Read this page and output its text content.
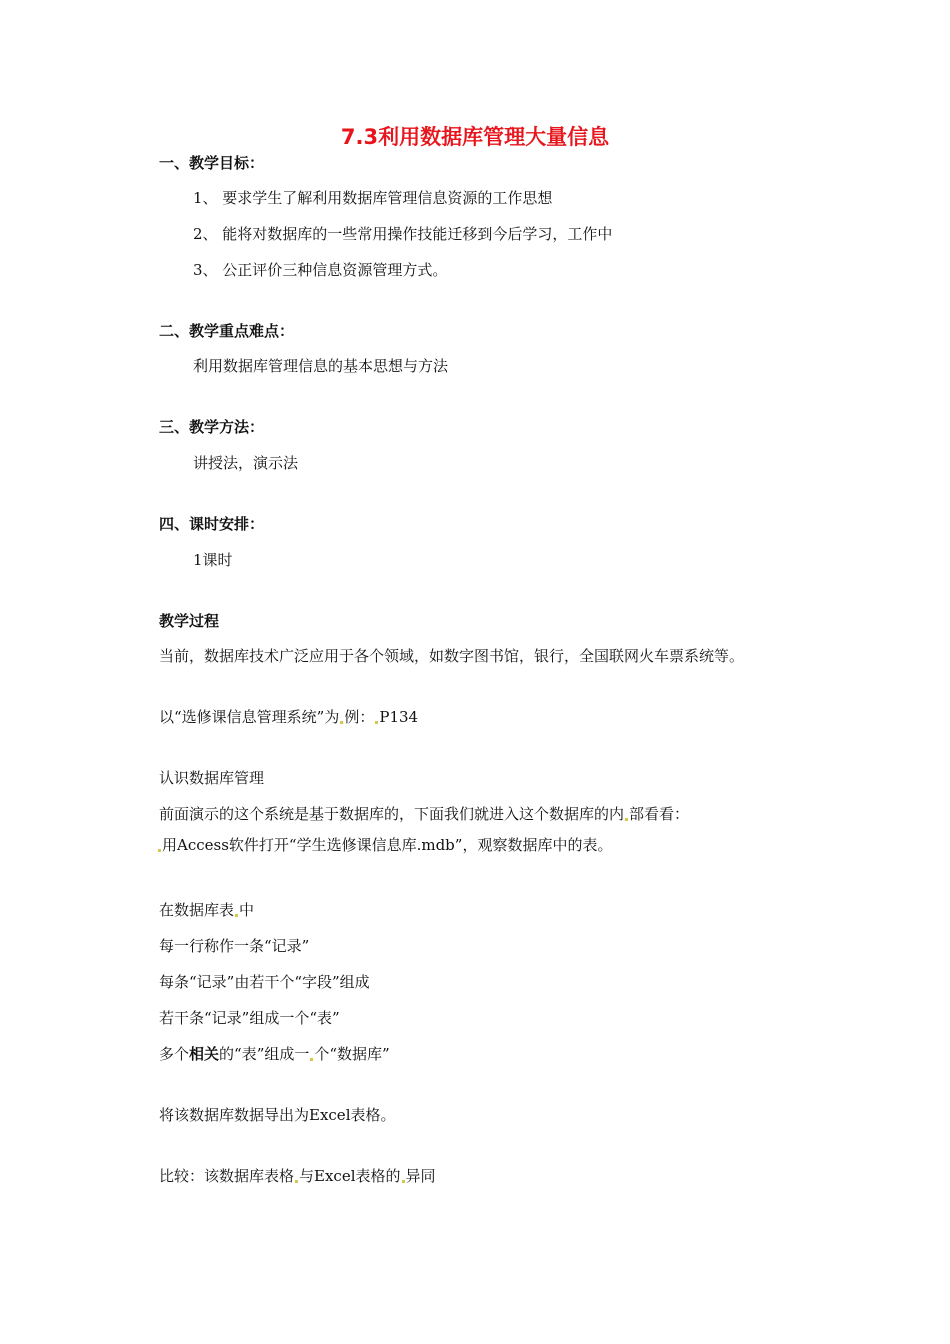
7.3利用数据库管理大量信息
一、教学目标：
1、 要求学生了解利用数据库管理信息资源的工作思想
2、 能将对数据库的一些常用操作技能迁移到今后学习，工作中
3、 公正评价三种信息资源管理方式。
二、教学重点难点：
利用数据库管理信息的基本思想与方法
三、教学方法：
讲授法，演示法
四、课时安排：
1课时
教学过程
当前，数据库技术广泛应用于各个领域，如数字图书馆，银行，全国联网火车票系统等。
以“选修课信息管理系统”为 例： P134
认识数据库管理
前面演示的这个系统是基于数据库的，下面我们就进入这个数据库的内 部看看：
用Access软件打开“学生选修课信息库.mdb”，观察数据库中的表。
在数据库表 中
每一行称作一条“记录”
每条“记录”由若干个“字段”组成
若干条“记录”组成一个“表”
多个相关的“表”组成一 个“数据库”
将该数据库数据导出为Excel表格。
比较：该数据库表格 与Excel表格的 异同
